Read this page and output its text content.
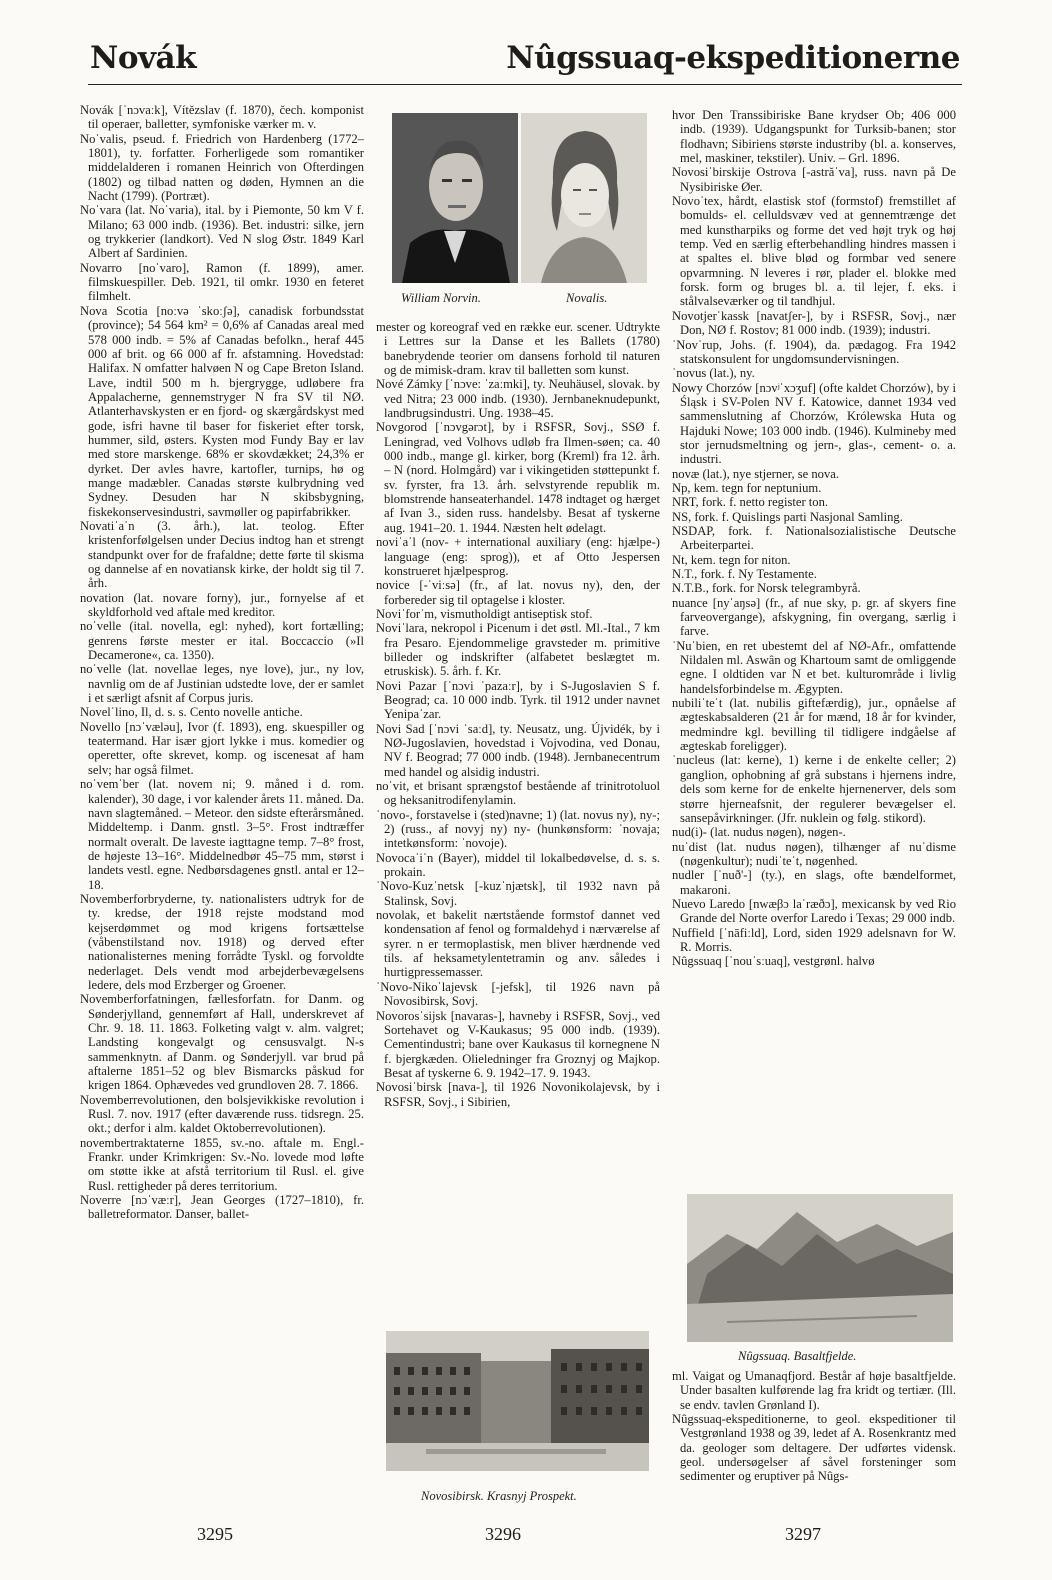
Novák	Nûgssuaq-ekspeditionerne

Novák [ˈnɔvaːk], Vítězslav (f. 1870), čech. komponist til operaer, balletter, symfoniske værker m. v.

Noˈvalis, pseud. f. Friedrich von Hardenberg (1772–1801), ty. forfatter. Forherligede som romantiker middelalderen i romanen Heinrich von Ofterdingen (1802) og tilbad natten og døden, Hymnen an die Nacht (1799). (Portræt).

Noˈvara (lat. Noˈvaria), ital. by i Piemonte, 50 km V f. Milano; 63 000 indb. (1936). Bet. industri: silke, jern og trykkerier (landkort). Ved N slog Østr. 1849 Karl Albert af Sardinien.

Novarro [noˈvaro], Ramon (f. 1899), amer. filmskuespiller. Deb. 1921, til omkr. 1930 en feteret filmhelt.

Nova Scotia [noːvə ˈskoːʃə], canadisk forbundsstat (province); 54 564 km² = 0,6% af Canadas areal med 578 000 indb. = 5% af Canadas befolkn., heraf 445 000 af brit. og 66 000 af fr. afstamning. Hovedstad: Halifax. N omfatter halvøen N og Cape Breton Island. Lave, indtil 500 m h. bjergrygge, udløbere fra Appalacherne, gennemstryger N fra SV til NØ. Atlanterhavskysten er en fjord- og skærgårdskyst med gode, isfri havne til baser for fiskeriet efter torsk, hummer, sild, østers. Kysten mod Fundy Bay er lav med store marskenge. 68% er skovdækket; 24,3% er dyrket. Der avles havre, kartofler, turnips, hø og mange madæbler. Canadas største kulbrydning ved Sydney. Desuden har N skibsbygning, fiskekonservesindustri, savmøller og papirfabrikker.

Novatiˈaˈn (3. årh.), lat. teolog. Efter kristenforfølgelsen under Decius indtog han et strengt standpunkt over for de frafaldne; dette førte til skisma og dannelse af en novatiansk kirke, der holdt sig til 7. årh.

novation (lat. novare forny), jur., fornyelse af et skyldforhold ved aftale med kreditor.

noˈvelle (ital. novella, egl: nyhed), kort fortælling; genrens første mester er ital. Boccaccio (»Il Decamerone«, ca. 1350).

noˈvelle (lat. novellae leges, nye love), jur., ny lov, navnlig om de af Justinian udstedte love, der er samlet i et særligt afsnit af Corpus juris.

Novelˈlino, Il, d. s. s. Cento novelle antiche.

Novello [nɔˈvæləu], Ivor (f. 1893), eng. skuespiller og teatermand. Har især gjort lykke i mus. komedier og operetter, ofte skrevet, komp. og iscenesat af ham selv; har også filmet.

noˈvemˈber (lat. novem ni; 9. måned i d. rom. kalender), 30 dage, i vor kalender årets 11. måned. Da. navn slagtemåned. – Meteor. den sidste efterårsmåned. Middeltemp. i Danm. gnstl. 3–5°. Frost indtræffer normalt overalt. De laveste iagttagne temp. 7–8° frost, de højeste 13–16°. Middelnedbør 45–75 mm, størst i landets vestl. egne. Nedbørsdagenes gnstl. antal er 12–18.

Novemberforbryderne, ty. nationalisters udtryk for de ty. kredse, der 1918 rejste modstand mod kejserdømmet og mod krigens fortsættelse (våbenstilstand nov. 1918) og derved efter nationalisternes mening forrådte Tyskl. og forvoldte nederlaget. Dels vendt mod arbejderbevægelsens ledere, dels mod Erzberger og Groener.

Novemberforfatningen, fællesforfatn. for Danm. og Sønderjylland, gennemført af Hall, underskrevet af Chr. 9. 18. 11. 1863. Folketing valgt v. alm. valgret; Landsting kongevalgt og censusvalgt. N-s sammenknytn. af Danm. og Sønderjyll. var brud på aftalerne 1851–52 og blev Bismarcks påskud for krigen 1864. Ophævedes ved grundloven 28. 7. 1866.

Novemberrevolutionen, den bolsjevikkiske revolution i Rusl. 7. nov. 1917 (efter daværende russ. tidsregn. 25. okt.; derfor i alm. kaldet Oktoberrevolutionen).

novembertraktaterne 1855, sv.-no. aftale m. Engl.-Frankr. under Krimkrigen: Sv.-No. lovede mod løfte om støtte ikke at afstå territorium til Rusl. el. give Rusl. rettigheder på deres territorium.

Noverre [nɔˈvæːr], Jean Georges (1727–1810), fr. balletreformator. Danser, ballet-

William Norvin.	Novalis.

mester og koreograf ved en række eur. scener. Udtrykte i Lettres sur la Danse et les Ballets (1780) banebrydende teorier om dansens forhold til naturen og de mimisk-dram. krav til balletten som kunst.

Nové Zámky [ˈnɔve: ˈzaːmki], ty. Neuhäusel, slovak. by ved Nitra; 23 000 indb. (1930). Jernbaneknudepunkt, landbrugsindustri. Ung. 1938–45.

Novgorod [ˈnɔvgərɔt], by i RSFSR, Sovj., SSØ f. Leningrad, ved Volhovs udløb fra Ilmen-søen; ca. 40 000 indb., mange gl. kirker, borg (Kreml) fra 12. årh. – N (nord. Holmgård) var i vikingetiden støttepunkt f. sv. fyrster, fra 13. årh. selvstyrende republik m. blomstrende hanseaterhandel. 1478 indtaget og hærget af Ivan 3., siden russ. handelsby. Besat af tyskerne aug. 1941–20. 1. 1944. Næsten helt ødelagt.

noviˈaˈl (nov- + international auxiliary (eng: hjælpe-) language (eng: sprog)), et af Otto Jespersen konstrueret hjælpesprog.

novice [-ˈviːsə] (fr., af lat. novus ny), den, der forbereder sig til optagelse i kloster.

Noviˈforˈm, vismutholdigt antiseptisk stof.

Noviˈlara, nekropol i Picenum i det østl. Ml.-Ital., 7 km fra Pesaro. Ejendommelige gravsteder m. primitive billeder og indskrifter (alfabetet beslægtet m. etruskisk). 5. årh. f. Kr.

Novi Pazar [ˈnɔvi ˈpazaːr], by i S-Jugoslavien S f. Beograd; ca. 10 000 indb. Tyrk. til 1912 under navnet Yenipaˈzar.

Novi Sad [ˈnɔvi ˈsaːd], ty. Neusatz, ung. Újvidék, by i NØ-Jugoslavien, hovedstad i Vojvodina, ved Donau, NV f. Beograd; 77 000 indb. (1948). Jernbanecentrum med handel og alsidig industri.

noˈvit, et brisant sprængstof bestående af trinitrotoluol og heksanitrodifenylamin.

ˈnovo-, forstavelse i (sted)navne; 1) (lat. novus ny), ny-; 2) (russ., af novyj ny) ny- (hunkønsform: ˈnovaja; intetkønsform: ˈnovoje).

Novocaˈiˈn (Bayer), middel til lokalbedøvelse, d. s. s. prokain.

ˈNovo-Kuzˈnetsk [-kuzˈnjætsk], til 1932 navn på Stalinsk, Sovj.

novolak, et bakelit nærtstående formstof dannet ved kondensation af fenol og formaldehyd i nærværelse af syrer. n er termoplastisk, men bliver hærdnende ved tils. af heksametylentetramin og anv. således i hurtigpressemasser.

ˈNovo-Nikoˈlajevsk [-jefsk], til 1926 navn på Novosibirsk, Sovj.

Novorosˈsijsk [navaras-], havneby i RSFSR, Sovj., ved Sortehavet og V-Kaukasus; 95 000 indb. (1939). Cementindustri; bane over Kaukasus til kornegnene N f. bjergkæden. Olieledninger fra Groznyj og Majkop. Besat af tyskerne 6. 9. 1942–17. 9. 1943.

Novosiˈbirsk [nava-], til 1926 Novonikolajevsk, by i RSFSR, Sovj., i Sibirien,

Novosibirsk. Krasnyj Prospekt.

hvor Den Transsibiriske Bane krydser Ob; 406 000 indb. (1939). Udgangspunkt for Turksib-banen; stor flodhavn; Sibiriens største industriby (bl. a. konserves, mel, maskiner, tekstiler). Univ. – Grl. 1896.

Novosiˈbirskije Ostrova [-astrăˈva], russ. navn på De Nysibiriske Øer.

Novoˈtex, hårdt, elastisk stof (formstof) fremstillet af bomulds- el. celluldsvæv ved at gennemtrænge det med kunstharpiks og forme det ved højt tryk og høj temp. Ved en særlig efterbehandling hindres massen i at spaltes el. blive blød og formbar ved senere opvarmning. N leveres i rør, plader el. blokke med forsk. form og bruges bl. a. til lejer, f. eks. i stålvalseværker og til tandhjul.

Novotjerˈkassk [navatʃer-], by i RSFSR, Sovj., nær Don, NØ f. Rostov; 81 000 indb. (1939); industri.

ˈNovˈrup, Johs. (f. 1904), da. pædagog. Fra 1942 statskonsulent for ungdomsundervisningen.

ˈnovus (lat.), ny.

Nowy Chorzów [nɔvʲˈxɔʒuf] (ofte kaldet Chorzów), by i Śląsk i SV-Polen NV f. Katowice, dannet 1934 ved sammenslutning af Chorzów, Królewska Huta og Hajduki Nowe; 103 000 indb. (1946). Kulmineby med stor jernudsmeltning og jern-, glas-, cement- o. a. industri.

novæ (lat.), nye stjerner, se nova.

Np, kem. tegn for neptunium.

NRT, fork. f. netto register ton.

NS, fork. f. Quislings parti Nasjonal Samling.

NSDAP, fork. f. Nationalsozialistische Deutsche Arbeiterpartei.

Nt, kem. tegn for niton.

N.T., fork. f. Ny Testamente.

N.T.B., fork. for Norsk telegrambyrå.

nuance [nyˈaŋsə] (fr., af nue sky, p. gr. af skyers fine farveovergange), afskygning, fin overgang, særlig i farve.

ˈNuˈbien, en ret ubestemt del af NØ-Afr., omfattende Nildalen ml. Aswân og Khartoum samt de omliggende egne. I oldtiden var N et bet. kulturområde i livlig handelsforbindelse m. Ægypten.

nubiliˈteˈt (lat. nubilis giftefærdig), jur., opnåelse af ægteskabsalderen (21 år for mænd, 18 år for kvinder, medmindre kgl. bevilling til tidligere indgåelse af ægteskab foreligger).

ˈnucleus (lat: kerne), 1) kerne i de enkelte celler; 2) ganglion, ophobning af grå substans i hjernens indre, dels som kerne for de enkelte hjernenerver, dels som større hjerneafsnit, der regulerer bevægelser el. sansepåvirkninger. (Jfr. nuklein og følg. stikord).

nud(i)- (lat. nudus nøgen), nøgen-.

nuˈdist (lat. nudus nøgen), tilhænger af nuˈdisme (nøgenkultur); nudiˈteˈt, nøgenhed.

nudler [ˈnuð'-] (ty.), en slags, ofte bændelformet, makaroni.

Nuevo Laredo [nwæβɔ laˈræðɔ], mexicansk by ved Rio Grande del Norte overfor Laredo i Texas; 29 000 indb.

Nuffield [ˈnāfiːld], Lord, siden 1929 adelsnavn for W. R. Morris.

Nûgssuaq [ˈnouˈsːuaq], vestgrønl. halvø

Nûgssuaq. Basaltfjelde.

ml. Vaigat og Umanaqfjord. Består af høje basaltfjelde. Under basalten kulførende lag fra kridt og tertiær. (Ill. se endv. tavlen Grønland I).

Nûgssuaq-ekspeditionerne, to geol. ekspeditioner til Vestgrønland 1938 og 39, ledet af A. Rosenkrantz med da. geologer som deltagere. Der udførtes vidensk. geol. undersøgelser af såvel forsteninger som sedimenter og eruptiver på Nûgs-

3295	3296	3297
